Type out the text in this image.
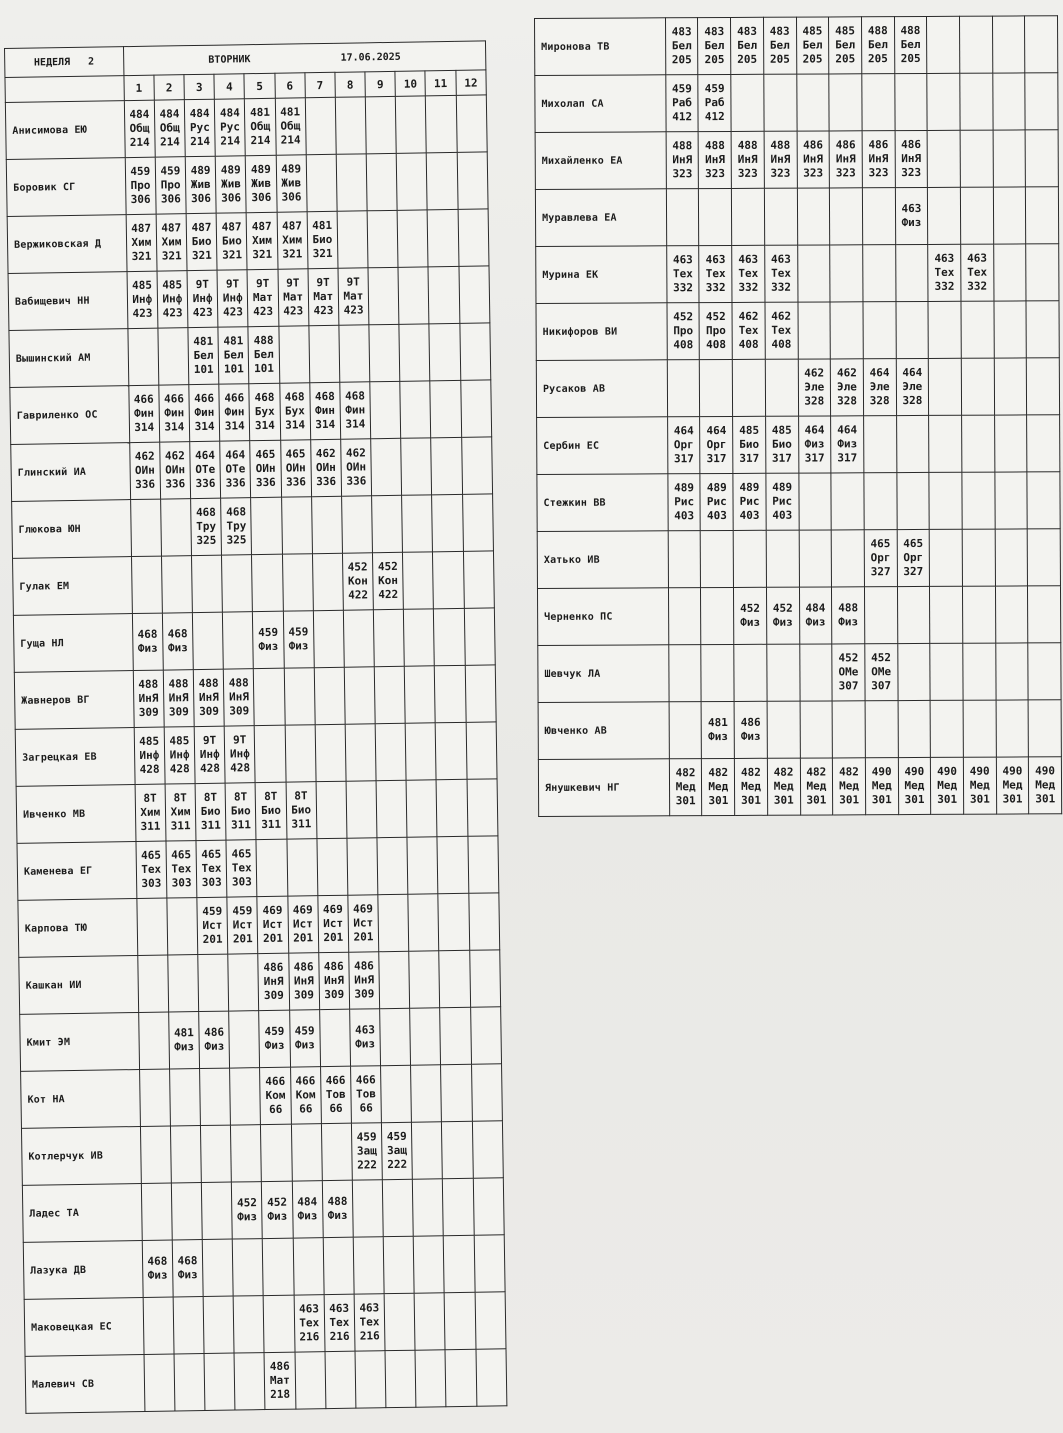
НЕДЕЛЯ 2	ВТОРНИК 17.06.2025											
	1	2	3	4	5	6	7	8	9	10	11	12
Анисимова ЕЮ	484
Общ
214	484
Общ
214	484
Рус
214	484
Рус
214	481
Общ
214	481
Общ
214						

Боровик СГ	459
Про
306	459
Про
306	489
Жив
306	489
Жив
306	489
Жив
306	489
Жив
306						

Вержиковская Д	487
Хим
321	487
Хим
321	487
Био
321	487
Био
321	487
Хим
321	487
Хим
321	481
Био
321					

Вабищевич НН	485
Инф
423	485
Инф
423	9Т
Инф
423	9Т
Инф
423	9Т
Мат
423	9Т
Мат
423	9Т
Мат
423	9Т
Мат
423				

Вышинский АМ			481
Бел
101	481
Бел
101	488
Бел
101							

Гавриленко ОС	466
Фин
314	466
Фин
314	466
Фин
314	466
Фин
314	468
Бух
314	468
Бух
314	468
Фин
314	468
Фин
314				

Глинский ИА	462
ОИн
336	462
ОИн
336	464
ОТе
336	464
ОТе
336	465
ОИн
336	465
ОИн
336	462
ОИн
336	462
ОИн
336				

Глюкова ЮН			468
Тру
325	468
Тру
325								

Гулак ЕМ								452
Кон
422	452
Кон
422			

Гуща НЛ	468
Физ	468
Физ			459
Физ	459
Физ						

Жавнеров ВГ	488
ИнЯ
309	488
ИнЯ
309	488
ИнЯ
309	488
ИнЯ
309								

Загрецкая ЕВ	485
Инф
428	485
Инф
428	9Т
Инф
428	9Т
Инф
428								

Ивченко МВ	8Т
Хим
311	8Т
Хим
311	8Т
Био
311	8Т
Био
311	8Т
Био
311	8Т
Био
311						

Каменева ЕГ	465
Тех
303	465
Тех
303	465
Тех
303	465
Тех
303								

Карпова ТЮ			459
Ист
201	459
Ист
201	469
Ист
201	469
Ист
201	469
Ист
201	469
Ист
201				

Кашкан ИИ					486
ИнЯ
309	486
ИнЯ
309	486
ИнЯ
309	486
ИнЯ
309				

Кмит ЭМ		481
Физ	486
Физ		459
Физ	459
Физ		463
Физ				

Кот НА					466
Ком
66	466
Ком
66	466
Тов
66	466
Тов
66				

Котлерчук ИВ								459
Защ
222	459
Защ
222			

Ладес ТА				452
Физ	452
Физ	484
Физ	488
Физ					

Лазука ДВ	468
Физ	468
Физ										

Маковецкая ЕС						463
Тех
216	463
Тех
216	463
Тех
216				

Малевич СВ					486
Мат
218							

Миронова ТВ	483
Бел
205	483
Бел
205	483
Бел
205	483
Бел
205	485
Бел
205	485
Бел
205	488
Бел
205	488
Бел
205				

Михолап СА	459
Раб
412	459
Раб
412										

Михайленко ЕА	488
ИнЯ
323	488
ИнЯ
323	488
ИнЯ
323	488
ИнЯ
323	486
ИнЯ
323	486
ИнЯ
323	486
ИнЯ
323	486
ИнЯ
323				

Муравлева ЕА								463
Физ				

Мурина ЕК	463
Тех
332	463
Тех
332	463
Тех
332	463
Тех
332					463
Тех
332	463
Тех
332		

Никифоров ВИ	452
Про
408	452
Про
408	462
Тех
408	462
Тех
408								

Русаков АВ					462
Эле
328	462
Эле
328	464
Эле
328	464
Эле
328				

Сербин ЕС	464
Орг
317	464
Орг
317	485
Био
317	485
Био
317	464
Физ
317	464
Физ
317						

Стежкин ВВ	489
Рис
403	489
Рис
403	489
Рис
403	489
Рис
403								

Хатько ИВ							465
Орг
327	465
Орг
327				

Черненко ПС			452
Физ	452
Физ	484
Физ	488
Физ						

Шевчук ЛА						452
ОМе
307	452
ОМе
307					

Ювченко АВ		481
Физ	486
Физ									

Янушкевич НГ	482
Мед
301	482
Мед
301	482
Мед
301	482
Мед
301	482
Мед
301	482
Мед
301	490
Мед
301	490
Мед
301	490
Мед
301	490
Мед
301	490
Мед
301	490
Мед
301
